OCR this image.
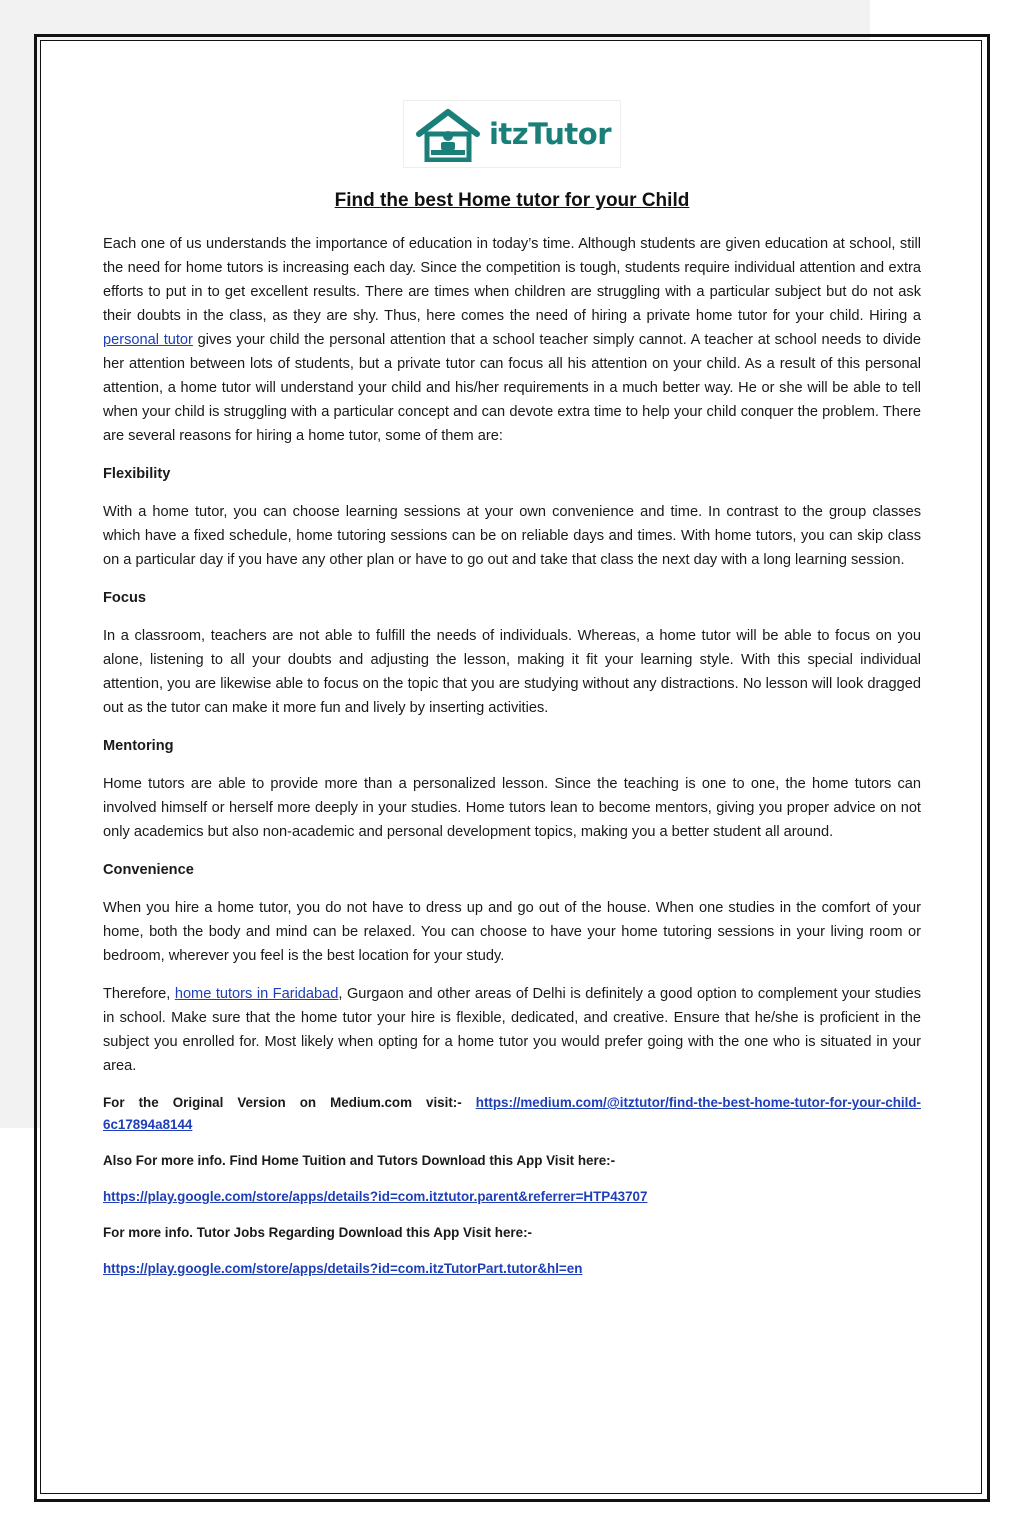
itzTutor
Find the best Home tutor for your Child

Each one of us understands the importance of education in today’s time. Although students are given education at school, still the need for home tutors is increasing each day. Since the competition is tough, students require individual attention and extra efforts to put in to get excellent results. There are times when children are struggling with a particular subject but do not ask their doubts in the class, as they are shy. Thus, here comes the need of hiring a private home tutor for your child. Hiring a personal tutor gives your child the personal attention that a school teacher simply cannot. A teacher at school needs to divide her attention between lots of students, but a private tutor can focus all his attention on your child. As a result of this personal attention, a home tutor will understand your child and his/her requirements in a much better way. He or she will be able to tell when your child is struggling with a particular concept and can devote extra time to help your child conquer the problem. There are several reasons for hiring a home tutor, some of them are:

Flexibility

With a home tutor, you can choose learning sessions at your own convenience and time. In contrast to the group classes which have a fixed schedule, home tutoring sessions can be on reliable days and times. With home tutors, you can skip class on a particular day if you have any other plan or have to go out and take that class the next day with a long learning session.

Focus

In a classroom, teachers are not able to fulfill the needs of individuals. Whereas, a home tutor will be able to focus on you alone, listening to all your doubts and adjusting the lesson, making it fit your learning style. With this special individual attention, you are likewise able to focus on the topic that you are studying without any distractions. No lesson will look dragged out as the tutor can make it more fun and lively by inserting activities.

Mentoring

Home tutors are able to provide more than a personalized lesson. Since the teaching is one to one, the home tutors can involved himself or herself more deeply in your studies. Home tutors lean to become mentors, giving you proper advice on not only academics but also non-academic and personal development topics, making you a better student all around.

Convenience

When you hire a home tutor, you do not have to dress up and go out of the house. When one studies in the comfort of your home, both the body and mind can be relaxed. You can choose to have your home tutoring sessions in your living room or bedroom, wherever you feel is the best location for your study.

Therefore, home tutors in Faridabad, Gurgaon and other areas of Delhi is definitely a good option to complement your studies in school. Make sure that the home tutor your hire is flexible, dedicated, and creative. Ensure that he/she is proficient in the subject you enrolled for. Most likely when opting for a home tutor you would prefer going with the one who is situated in your area.

For the Original Version on Medium.com visit:- https://medium.com/@itztutor/find-the-best-home-tutor-for-your-child-6c17894a8144

Also For more info. Find Home Tuition and Tutors Download this App Visit here:-
https://play.google.com/store/apps/details?id=com.itztutor.parent&referrer=HTP43707
For more info. Tutor Jobs Regarding Download this App Visit here:-
https://play.google.com/store/apps/details?id=com.itzTutorPart.tutor&hl=en
